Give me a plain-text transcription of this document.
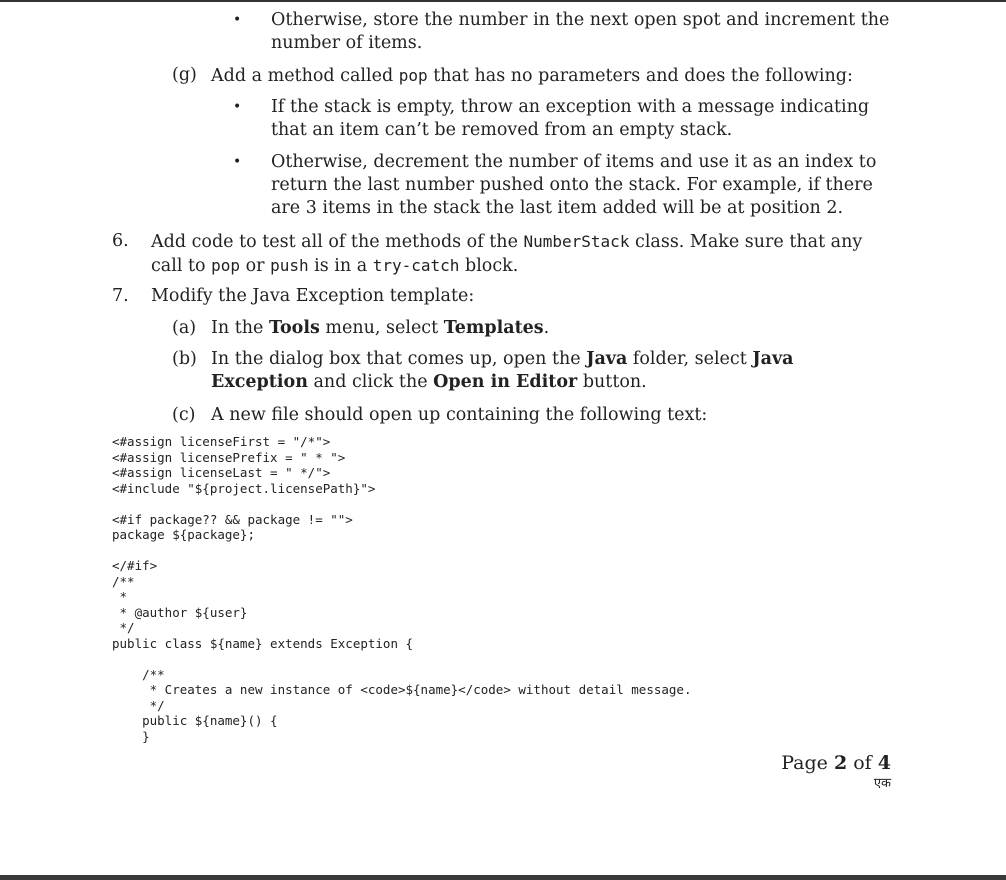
• Otherwise, store the number in the next open spot and increment the number of items.
(g) Add a method called pop that has no parameters and does the following:
• If the stack is empty, throw an exception with a message indicating that an item can’t be removed from an empty stack.
• Otherwise, decrement the number of items and use it as an index to return the last number pushed onto the stack. For example, if there are 3 items in the stack the last item added will be at position 2.
6. Add code to test all of the methods of the NumberStack class. Make sure that any call to pop or push is in a try-catch block.
7. Modify the Java Exception template:
(a) In the Tools menu, select Templates.
(b) In the dialog box that comes up, open the Java folder, select Java Exception and click the Open in Editor button.
(c) A new file should open up containing the following text:
<#assign licenseFirst = "/*">
<#assign licensePrefix = " * ">
<#assign licenseLast = " */">
<#include "${project.licensePath}">
<#if package?? && package != "">
package ${package};
</#if>
/**
*
* @author ${user}
*/
public class ${name} extends Exception {
/**
* Creates a new instance of <code>${name}</code> without detail message.
*/
public ${name}() {
}
Page 2 of 4
एक
